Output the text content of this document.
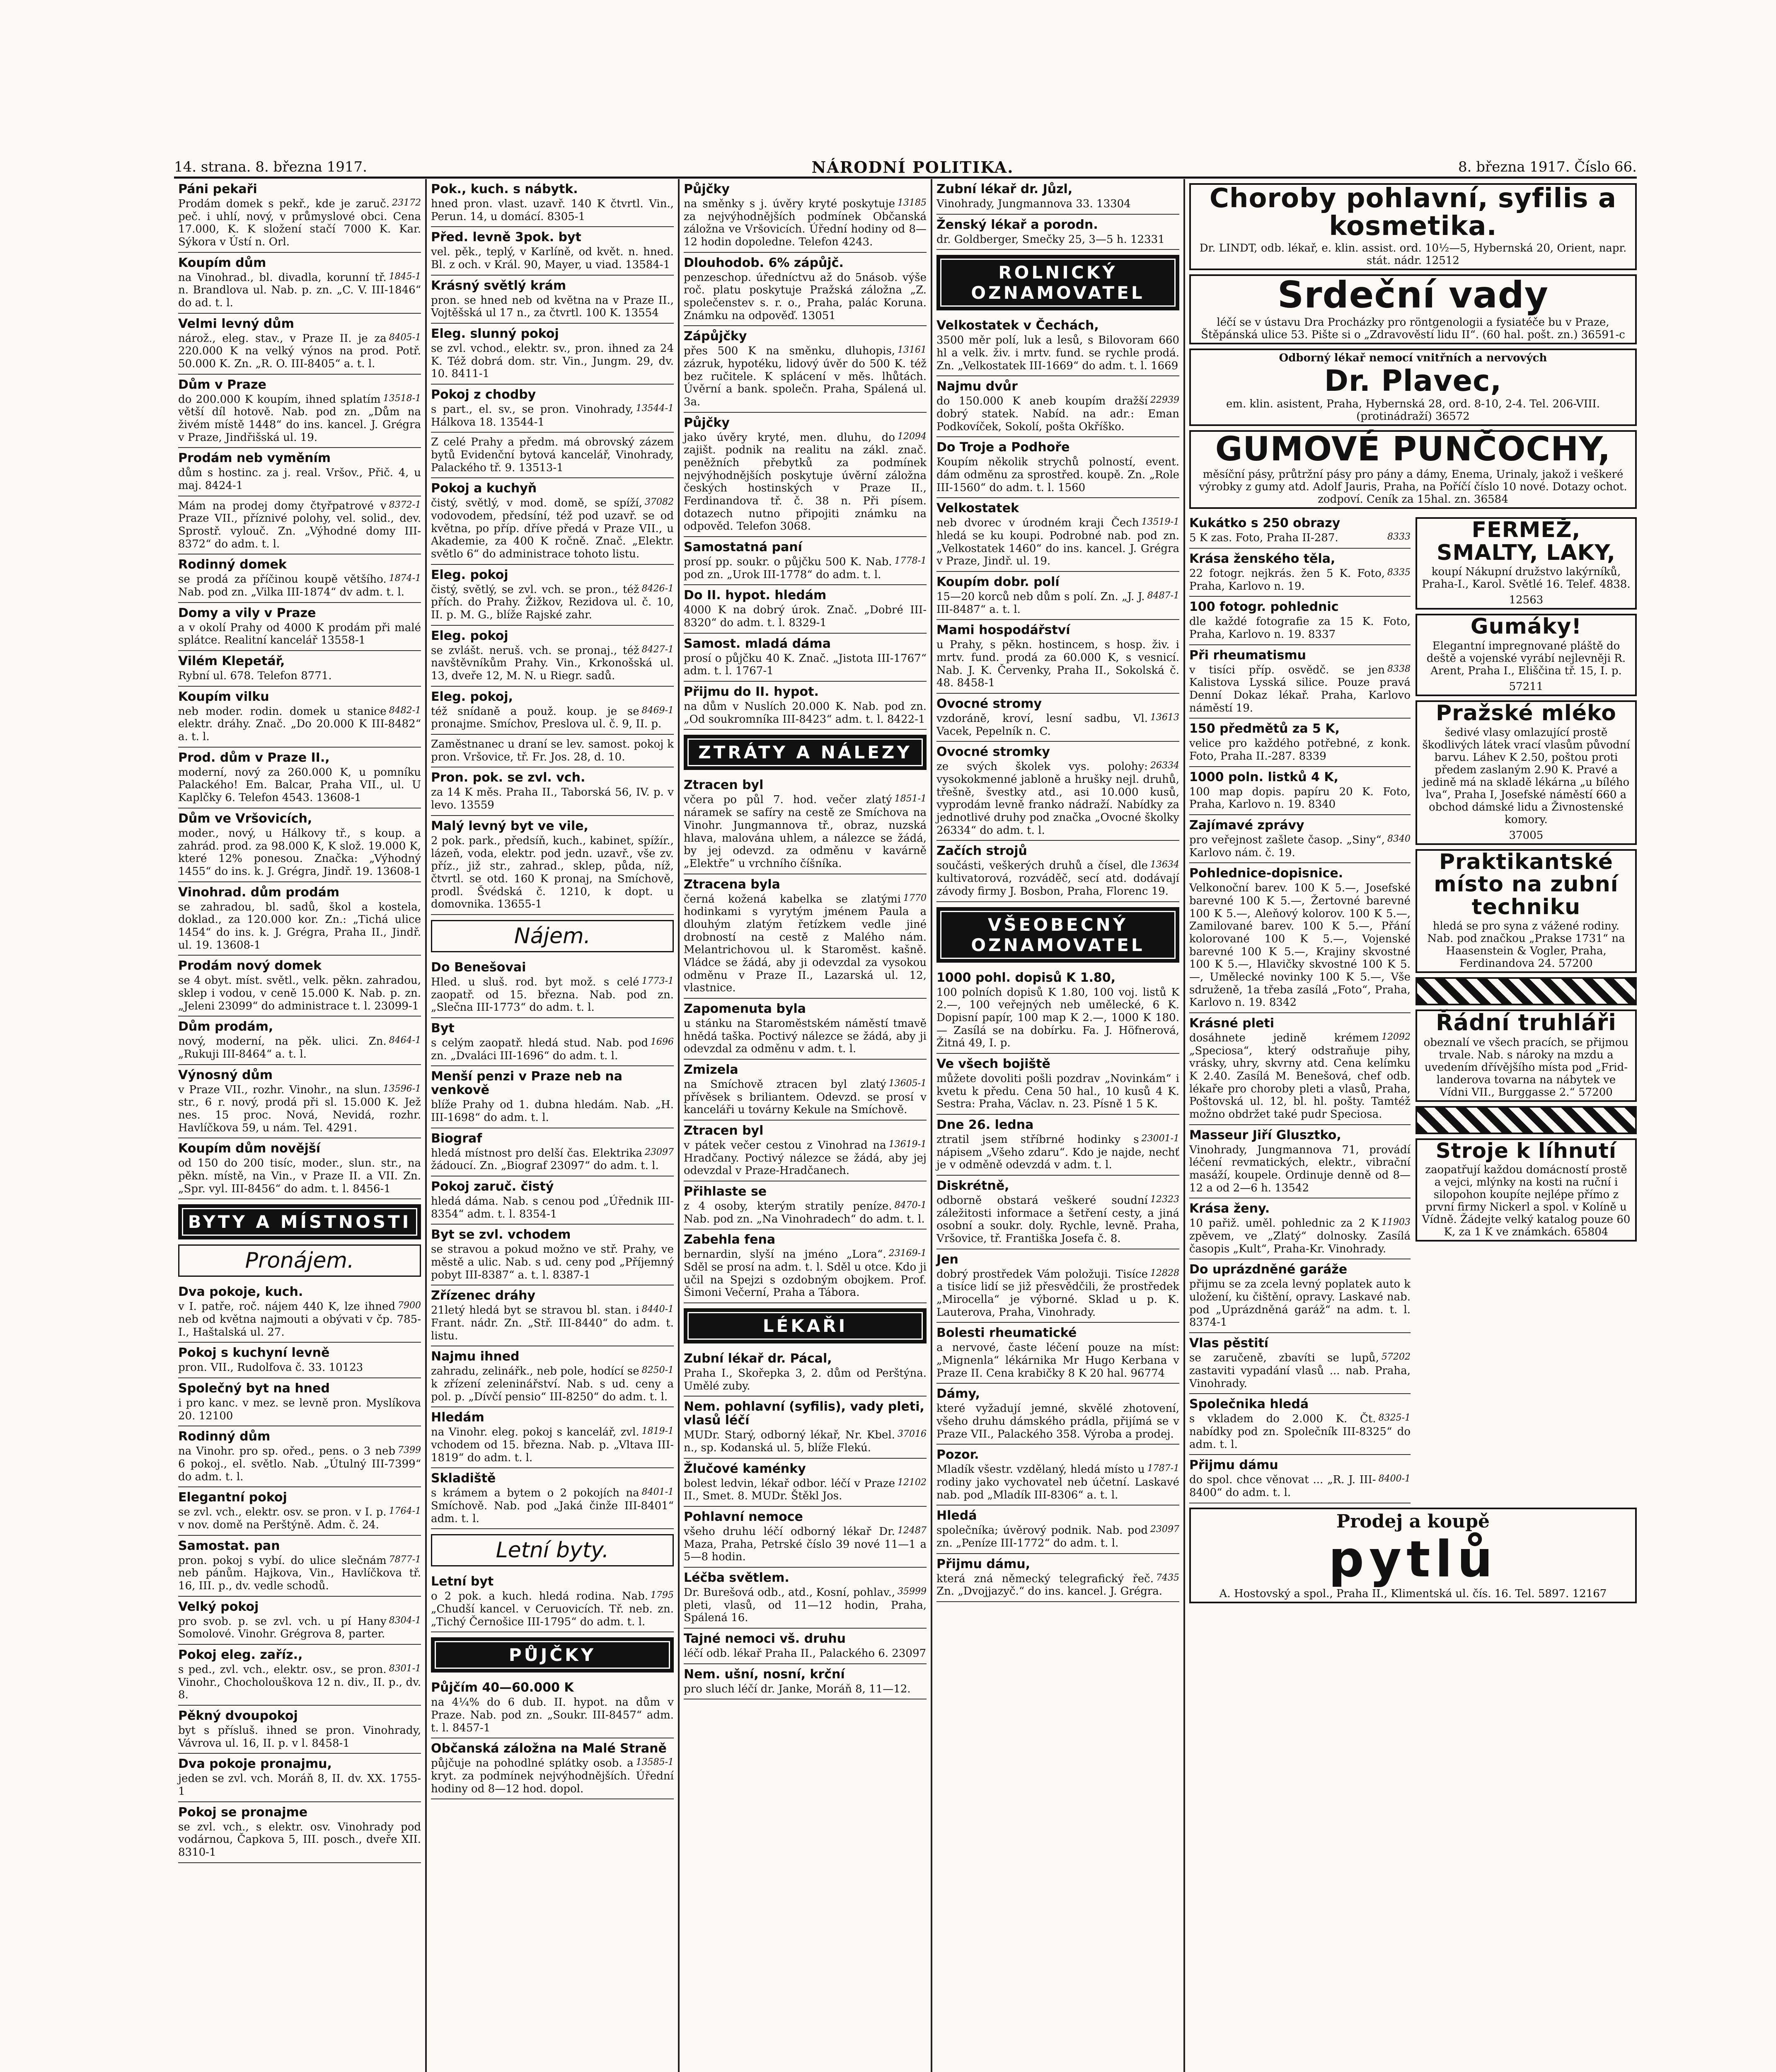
14. strana. 8. března 1917.	NÁRODNÍ POLITIKA.	8. března 1917. Číslo 66.
Páni pekaři

23172
Prodám domek s pekř., kde je zaruč. peč. i uhlí, nový, v průmyslové obci. Cena 17.000, K. K složení stačí 7000 K. Kar. Sýkora v Ústí n. Orl.

Koupím dům

1845-1
na Vinohrad., bl. divadla, korunní tř. n. Brandlova ul. Nab. p. zn. „C. V. III-1846“ do ad. t. l.

Velmi levný dům

8405-1
nárož., eleg. stav., v Praze II. je za 220.000 K na velký výnos na prod. Potř. 50.000 K. Zn. „R. O. III-8405“ a. t. l.

Dům v Praze

13518-1
do 200.000 K koupím, ihned splatím větší díl hotově. Nab. pod zn. „Dům na živém místě 1448“ do ins. kancel. J. Grégra v Praze, Jindřišská ul. 19.

Prodám neb vyměním

dům s hostinc. za j. real. Vršov., Přič. 4, u maj. 8424-1

8372-1
Mám na prodej domy čtyřpatrové v Praze VII., příznivé polohy, vel. solid., dev. Sprostř. vylouč. Zn. „Výhodné domy III-8372“ do adm. t. l.

Rodinný domek

1874-1
se prodá za příčinou koupě většího. Nab. pod zn. „Vilka III-1874“ dv adm. t. l.

Domy a vily v Praze

a v okolí Prahy od 4000 K prodám při malé splátce. Realitní kancelář 13558-1

Vilém Klepetář,

Rybní ul. 678. Telefon 8771.

Koupím vilku

8482-1
neb moder. rodin. domek u stanice elektr. dráhy. Znač. „Do 20.000 K III-8482“ a. t. l.

Prod. dům v Praze II.,

moderní, nový za 260.000 K, u pomníku Palackého! Em. Balcar, Praha VII., ul. U Kaplčky 6. Telefon 4543. 13608-1

Dům ve Vršovicích,

moder., nový, u Hálkovy tř., s koup. a zahrád. prod. za 98.000 K, K slož. 19.000 K, které 12% ponesou. Značka: „Výhodný 1455“ do ins. k. J. Grégra, Jindř. 19. 13608-1

Vinohrad. dům prodám

se zahradou, bl. sadů, škol a kostela, doklad., za 120.000 kor. Zn.: „Tichá ulice 1454“ do ins. k. J. Grégra, Praha II., Jindř. ul. 19. 13608-1

Prodám nový domek

se 4 obyt. míst. světl., velk. pěkn. zahradou, sklep i vodou, v ceně 15.000 K. Nab. p. zn. „Jeleni 23099“ do administrace t. l. 23099-1

Dům prodám,

8464-1
nový, moderní, na pěk. ulici. Zn. „Rukuji III-8464“ a. t. l.

Výnosný dům

13596-1
v Praze VII., rozhr. Vinohr., na slun. str., 6 r. nový, prodá při sl. 15.000 K. Jež nes. 15 proc. Nová, Nevidá, rozhr. Havlíčkova 59, u nám. Tel. 4291.

Koupím dům novější

od 150 do 200 tisíc, moder., slun. str., na pěkn. místě, na Vin., v Praze II. a VII. Zn. „Spr. vyl. III-8456“ do adm. t. l. 8456-1

BYTY A MÍSTNOSTI
Pronájem.
Dva pokoje, kuch.

7900
v I. patře, roč. nájem 440 K, lze ihned neb od května najmouti a obývati v čp. 785-I., Haštalská ul. 27.

Pokoj s kuchyní levně

pron. VII., Rudolfova č. 33. 10123

Společný byt na hned

i pro kanc. v mez. se levně pron. Myslíkova 20. 12100

Rodinný dům

7399
na Vinohr. pro sp. ořed., pens. o 3 neb 6 pokoj., el. světlo. Nab. „Útulný III-7399“ do adm. t. l.

Elegantní pokoj

1764-1
se zvl. vch., elektr. osv. se pron. v I. p. v nov. domě na Perštýně. Adm. č. 24.

Samostat. pan

7877-1
pron. pokoj s vybí. do ulice slečnám neb pánům. Hajkova, Vin., Havlíčkova tř. 16, III. p., dv. vedle schodů.

Velký pokoj

8304-1
pro svob. p. se zvl. vch. u pí Hany Somolové. Vinohr. Grégrova 8, parter.

Pokoj eleg. zaříz.,

8301-1
s ped., zvl. vch., elektr. osv., se pron. Vinohr., Chocholouškova 12 n. div., II. p., dv. 8.

Pěkný dvoupokoj

byt s přísluš. ihned se pron. Vinohrady, Vávrova ul. 16, II. p. v l. 8458-1

Dva pokoje pronajmu,

jeden se zvl. vch. Moráň 8, II. dv. XX. 1755-1

Pokoj se pronajme

se zvl. vch., s elektr. osv. Vinohrady pod vodárnou, Čapkova 5, III. posch., dveře XII. 8310-1

Pok., kuch. s nábytk.

hned pron. vlast. uzavř. 140 K čtvrtl. Vin., Perun. 14, u domácí. 8305-1

Před. levně 3pok. byt

vel. pěk., teplý, v Karlíně, od květ. n. hned. Bl. z och. v Král. 90, Mayer, u viad. 13584-1

Krásný světlý krám

pron. se hned neb od května na v Praze II., Vojtěšská ul 17 n., za čtvrtl. 100 K. 13554

Eleg. slunný pokoj

se zvl. vchod., elektr. sv., pron. ihned za 24 K. Též dobrá dom. str. Vin., Jungm. 29, dv. 10. 8411-1

Pokoj z chodby

13544-1
s part., el. sv., se pron. Vinohrady, Hálkova 18. 13544-1

Z celé Prahy a předm. má obrovský zázem bytů Evidenční bytová kancelář, Vinohrady, Palackého tř. 9. 13513-1

Pokoj a kuchyň

37082
čistý, světlý, v mod. domě, se spíží, vodovodem, předsíní, též pod uzavř. se od května, po příp. dříve předá v Praze VII., u Akademie, za 400 K ročně. Znač. „Elektr. světlo 6“ do administrace tohoto listu.

Eleg. pokoj

8426-1
čistý, světlý, se zvl. vch. se pron., též přích. do Prahy. Žižkov, Rezidova ul. č. 10, II. p. M. G., blíže Rajské zahr.

Eleg. pokoj

8427-1
se zvlášt. neruš. vch. se pronaj., též navštěvníkům Prahy. Vin., Krkonošská ul. 13, dveře 12, M. N. u Riegr. sadů.

Eleg. pokoj,

8469-1
též snídaně a použ. koup. je se pronajme. Smíchov, Preslova ul. č. 9, II. p.

Zaměstnanec u draní se lev. samost. pokoj k pron. Vršovice, tř. Fr. Jos. 28, d. 10.

Pron. pok. se zvl. vch.

za 14 K měs. Praha II., Taborská 56, IV. p. v levo. 13559

Malý levný byt ve vile,

2 pok. park., předsíň, kuch., kabinet, spížír., lázeň, voda, elektr. pod jedn. uzavř., vše zv. příz., již str., zahrad., sklep, půda, níž, čtvrtl. se otd. 160 K pronaj, na Smíchově, prodl. Švédská č. 1210, k dopt. u domovnika. 13655-1

Nájem.
Do Benešovai

1773-1
Hled. u sluš. rod. byt mož. s celé zaopatř. od 15. března. Nab. pod zn. „Slečna III-1773“ do adm. t. l.

Byt

1696
s celým zaopatř. hledá stud. Nab. pod zn. „Dvaláci III-1696“ do adm. t. l.

Menší penzi v Praze neb na venkově

blíže Prahy od 1. dubna hledám. Nab. „H. III-1698“ do adm. t. l.

Biograf

23097
hledá místnost pro delší čas. Elektrika žádoucí. Zn. „Biograf 23097“ do adm. t. l.

Pokoj zaruč. čistý

hledá dáma. Nab. s cenou pod „Úřednik III-8354“ adm. t. l. 8354-1

Byt se zvl. vchodem

se stravou a pokud možno ve stř. Prahy, ve městě a ulic. Nab. s ud. ceny pod „Příjemný pobyt III-8387“ a. t. l. 8387-1

Zřízenec dráhy

8440-1
21letý hledá byt se stravou bl. stan. i Frant. nádr. Zn. „Stř. III-8440“ do adm. t. listu.

Najmu ihned

8250-1
zahradu, zelinářk., neb pole, hodící se k zřízení zeleninářství. Nab. s ud. ceny a pol. p. „Dívčí pensio“ III-8250“ do adm. t. l.

Hledám

1819-1
na Vinohr. eleg. pokoj s kancelář, zvl. vchodem od 15. března. Nab. p. „Vltava III-1819“ do adm. t. l.

Skladiště

8401-1
s krámem a bytem o 2 pokojích na Smíchově. Nab. pod „Jaká činže III-8401“ adm. t. l.

Letní byty.
Letní byt

1795
o 2 pok. a kuch. hledá rodina. Nab. „Chudší kancel. v Ceruovicích. Tř. neb. zn. „Tichý Černošice III-1795“ do adm. t. l.

PŮJČKY
Půjčím 40—60.000 K

na 4¼% do 6 dub. II. hypot. na dům v Praze. Nab. pod zn. „Soukr. III-8457“ adm. t. l. 8457-1

Občanská záložna na Malé Straně

13585-1
půjčuje na pohodlné splátky osob. a kryt. za podmínek nejvýhodnějších. Úřední hodiny od 8—12 hod. dopol.

Půjčky

13185
na směnky s j. úvěry kryté poskytuje za nejvýhodnějších podmínek Občanská záložna ve Vršovicích. Úřední hodiny od 8—12 hodin dopoledne. Telefon 4243.

Dlouhodob. 6% zápůjč.

penzeschop. úředníctvu až do 5násob. výše roč. platu poskytuje Pražská záložna „Z. společenstev s. r. o., Praha, palác Koruna. Známku na odpověď. 13051

Zápůjčky

13161
přes 500 K na směnku, dluhopis, zázruk, hypotéku, lidový úvěr do 500 K. též bez ručitele. K splácení v měs. lhůtách. Úvěrní a bank. společn. Praha, Spálená ul. 3a.

Půjčky

12094
jako úvěry kryté, men. dluhu, do zajišt. podnik na realitu na zákl. znač. peněžních přebytků za podmínek nejvýhodnějších poskytuje úvěrní záložna českých hostinských v Praze II., Ferdinandova tř. č. 38 n. Při písem. dotazech nutno připojiti známku na odpověd. Telefon 3068.

Samostatná paní

1778-1
prosí pp. soukr. o půjčku 500 K. Nab. pod zn. „Urok III-1778“ do adm. t. l.

Do II. hypot. hledám

4000 K na dobrý úrok. Znač. „Dobré III-8320“ do adm. t. l. 8329-1

Samost. mladá dáma

prosí o půjčku 40 K. Znač. „Jistota III-1767“ adm. t. l. 1767-1

Přijmu do II. hypot.

na dům v Nuslích 20.000 K. Nab. pod zn. „Od soukromníka III-8423“ adm. t. l. 8422-1

ZTRÁTY A NÁLEZY
Ztracen byl

1851-1
včera po půl 7. hod. večer zlatý náramek se safíry na cestě ze Smíchova na Vinohr. Jungmannova tř., obraz, nuzská hlava, malována uhlem, a nálezce se žádá, by jej odevzd. za odměnu v kavárně „Elektře“ u vrchního číšníka.

Ztracena byla

1770
černá kožená kabelka se zlatými hodinkami s vyrytým jménem Paula a dlouhým zlatým řetízkem vedle jiné drobností na cestě z Malého nám. Melantrichovou ul. k Staroměst. kašně. Vládce se žádá, aby ji odevzdal za vysokou odměnu v Praze II., Lazarská ul. 12, vlastnice.

Zapomenuta byla

u stánku na Staroměstském náměstí tmavě hnědá taška. Poctivý nálezce se žádá, aby ji odevzdal za odměnu v adm. t. l.

Zmizela

13605-1
na Smíchově ztracen byl zlatý přívěsek s briliantem. Odevzd. se prosí v kanceláři u továrny Kekule na Smíchově.

Ztracen byl

13619-1
v pátek večer cestou z Vinohrad na Hradčany. Poctivý nálezce se žádá, aby jej odevzdal v Praze-Hradčanech.

Přihlaste se

8470-1
z 4 osoby, kterým stratily peníze. Nab. pod zn. „Na Vinohradech“ do adm. t. l.

Zabehla fena

23169-1
bernardin, slyší na jméno „Lora“. Sděl se prosí na adm. t. l. Sděl u otce. Kdo ji učil na Spejzi s ozdobným obojkem. Prof. Šimoni Večerní, Praha a Tábora.

LÉKAŘI
Zubní lékař dr. Pácal,

Praha I., Skořepka 3, 2. dům od Perštýna. Umělé zuby.

Nem. pohlavní (syfilis), vady pleti, vlasů léčí

37016
MUDr. Starý, odborný lékař, Nr. Kbel. n., sp. Kodanská ul. 5, blíže Flekú.

Žlučové kaménky

12102
bolest ledvin, lékař odbor. léčí v Praze II., Smet. 8. MUDr. Štěkl Jos.

Pohlavní nemoce

12487
všeho druhu léčí odborný lékař Dr. Maza, Praha, Petrské číslo 39 nové 11—1 a 5—8 hodin.

Léčba světlem.

35999
Dr. Burešová odb., atd., Kosní, pohlav., pleti, vlasů, od 11—12 hodin, Praha, Spálená 16.

Tajné nemoci vš. druhu

léčí odb. lékař Praha II., Palackého 6. 23097

Nem. ušní, nosní, krční

pro sluch léčí dr. Janke, Moráň 8, 11—12.

Zubní lékař dr. Jůzl,

Vinohrady, Jungmannova 33. 13304

Ženský lékař a porodn.

dr. Goldberger, Smečky 25, 3—5 h. 12331

ROLNICKÝ OZNAMOVATEL
Velkostatek v Čechách,

3500 měr polí, luk a lesů, s Bilovoram 660 hl a velk. živ. i mrtv. fund. se rychle prodá. Zn. „Velkostatek III-1669“ do adm. t. l. 1669

Najmu dvůr

22939
do 150.000 K aneb koupím dražší dobrý statek. Nabíd. na adr.: Eman Podkovíček, Sokolí, pošta Okříško.

Do Troje a Podhoře

Koupím několik strychů polností, event. dám odměnu za sprostřed. koupě. Zn. „Role III-1560“ do adm. t. l. 1560

Velkostatek

13519-1
neb dvorec v úrodném kraji Čech hledá se ku koupi. Podrobné nab. pod zn. „Velkostatek 1460“ do ins. kancel. J. Grégra v Praze, Jindř. ul. 19.

Koupím dobr. polí

8487-1
15—20 korců neb dům s polí. Zn. „J. J. III-8487“ a. t. l.

Mami hospodářství

u Prahy, s pěkn. hostincem, s hosp. živ. i mrtv. fund. prodá za 60.000 K, s vesnicí. Nab. J. K. Červenky, Praha II., Sokolská č. 48. 8458-1

Ovocné stromy

13613
vzdoráně, kroví, lesní sadbu, Vl. Vacek, Pepelník n. C.

Ovocné stromky

26334
ze svých školek vys. polohy: vysokokmenné jabloně a hrušky nejl. druhů, třešně, švestky atd., asi 10.000 kusů, vyprodám levně franko nádraží. Nabídky za jednotlivé druhy pod značka „Ovocné školky 26334“ do adm. t. l.

Začích strojů

13634
součásti, veškerých druhů a čísel, dle kultivatorová, rozváděč, secí atd. dodávají závody firmy J. Bosbon, Praha, Florenc 19.

VŠEOBECNÝ OZNAMOVATEL
1000 pohl. dopisů K 1.80,

100 polních dopisů K 1.80, 100 voj. listů K 2.—, 100 veřejných neb umělecké, 6 K. Dopisní papír, 100 map K 2.—, 1000 K 180.— Zasílá se na dobírku. Fa. J. Höfnerová, Žitná 49, I. p.

Ve všech bojiště

můžete dovoliti pošli pozdrav „Novinkám“ i kvetu k předu. Cena 50 hal., 10 kusů 4 K. Sestra: Praha, Václav. n. 23. Písně 1 5 K.

Dne 26. ledna

23001-1
ztratil jsem stříbrné hodinky s nápisem „Všeho zdaru“. Kdo je najde, nechť je v odměně odevzdá v adm. t. l.

Diskrétně,

12323
odborně obstará veškeré soudní záležitosti informace a šetření cesty, a jiná osobní a soukr. doly. Rychle, levně. Praha, Vršovice, tř. Františka Josefa č. 8.

Jen

12828
dobrý prostředek Vám položuji. Tisíce a tisíce lidí se již přesvědčili, že prostředek „Mirocella“ je výborné. Sklad u p. K. Lauterova, Praha, Vinohrady.

Bolesti rheumatické

a nervové, časte léčení pouze na míst: „Mignenla“ lékárnika Mr Hugo Kerbana v Praze II. Cena krabičky 8 K 20 hal. 96774

Dámy,

které vyžadují jemné, skvělé zhotovení, všeho druhu dámského prádla, přijímá se v Praze VII., Palackého 358. Výroba a prodej.

Pozor.

1787-1
Mladík všestr. vzdělaný, hledá místo u rodiny jako vychovatel neb účetní. Laskavé nab. pod „Mladík III-8306“ a. t. l.

Hledá

23097
společníka; úvěrový podnik. Nab. pod zn. „Peníze III-1772“ do adm. t. l.

Přijmu dámu,

7435
která zná německý telegrafický řeč. Zn. „Dvojjazyč.“ do ins. kancel. J. Grégra.

Choroby pohlavní, syfilis a kosmetika.
Dr. LINDT, odb. lékař, e. klin. assist. ord. 10½—5, Hybernská 20, Orient, napr. stát. nádr. 12512
Srdeční vady
léčí se v ústavu Dra Procházky pro röntgenologii a fysiatéče bu v Praze, Štěpánská ulice 53. Pište si o „Zdravověstí lidu II“. (60 hal. pošt. zn.) 36591-c
Odborný lékař nemocí vnitřních a nervových
Dr. Plavec,
em. klin. asistent, Praha, Hybernská 28, ord. 8-10, 2-4. Tel. 206-VIII. (protinádraží) 36572
GUMOVÉ PUNČOCHY,
měsíční pásy, průtržní pásy pro pány a dámy, Enema, Urinaly, jakož i veškeré výrobky z gumy atd. Adolf Jauris, Praha, na Poříčí číslo 10 nové. Dotazy ochot. zodpoví. Ceník za 15hal. zn. 36584
Kukátko s 250 obrazy

8333
5 K zas. Foto, Praha II-287.

Krása ženského těla,

8335
22 fotogr. nejkrás. žen 5 K. Foto, Praha, Karlovo n. 19.

100 fotogr. pohlednic

dle každé fotografie za 15 K. Foto, Praha, Karlovo n. 19. 8337

Při rheumatismu

8338
v tisíci příp. osvědč. se jen Kalistova Lysská silice. Pouze pravá Denní Dokaz lékař. Praha, Karlovo náměstí 19.

150 předmětů za 5 K,

velice pro každého potřebné, z konk. Foto, Praha II.-287. 8339

1000 poln. listků 4 K,

100 map dopis. papíru 20 K. Foto, Praha, Karlovo n. 19. 8340

Zajímavé zprávy

8340
pro veřejnost zašlete časop. „Siny“, Karlovo nám. č. 19.

Pohlednice-dopisnice.

Velkonoční barev. 100 K 5.—, Josefské barevné 100 K 5.—, Žertovné barevné 100 K 5.—, Aleňový kolorov. 100 K 5.—, Zamilované barev. 100 K 5.—, Přání kolorované 100 K 5.—, Vojenské barevné 100 K 5.—, Krajiny skvostné 100 K 5.—, Hlavičky skvostné 100 K 5.—, Umělecké novinky 100 K 5.—, Vše sdruženě, 1a třeba zasílá „Foto“, Praha, Karlovo n. 19. 8342

Krásné pleti

12092
dosáhnete jedině krémem „Speciosa“, který odstraňuje pihy, vrásky, uhry, skvrny atd. Cena kelímku K 2.40. Zasílá M. Benešová, chef odb. lékaře pro choroby pleti a vlasů, Praha, Poštovská ul. 12, bl. hl. pošty. Tamtéž možno obdržet také pudr Speciosa.

Masseur Jiří Glusztko,

Vinohrady, Jungmannova 71, provádí léčení revmatických, elektr., vibrační masáží, koupele. Ordinuje denně od 8—12 a od 2—6 h. 13542

Krása ženy.

11903
10 pařiž. uměl. pohlednic za 2 K zpěvem, ve „Zlatý“ dolnosky. Zasílá časopis „Kult“, Praha-Kr. Vinohrady.

Do uprázdněné garáže

přijmu se za zcela levný poplatek auto k uložení, ku čištění, opravy. Laskavé nab. pod „Uprázdněná garáž“ na adm. t. l. 8374-1

Vlas pěstití

57202
se zaručeně, zbavíti se lupů, zastaviti vypadání vlasů ... nab. Praha, Vinohrady.

Společnika hledá

8325-1
s vkladem do 2.000 K. Čt. nabídky pod zn. Společník III-8325“ do adm. t. l.

Přijmu dámu

8400-1
do spol. chce věnovat ... „R. J. III-8400“ do adm. t. l.

FERMEŽ, SMALTY, LAKY,
koupí Nákupní družstvo lakýrníků, Praha-I., Karol. Světlé 16. Telef. 4838.
12563
Gumáky!
Elegantní impregnované pláště do deště a vojenské vyrábí nejlevněji R. Arent, Praha I., Eliščina tř. 15, I. p.
57211
Pražské mléko
šedivé vlasy omlazující prostě škodlivých látek vrací vlasům původní barvu. Láhev K 2.50, poštou proti předem zaslaným 2.90 K. Pravé a jedině má na skladě lékárna „u bílého lva“, Praha I, Josefské náměstí 660 a obchod dámské lidu a Živnostenské komory.
37005
Praktikantské místo na zubní techniku
hledá se pro syna z vážené rodiny. Nab. pod značkou „Prakse 1731“ na Haasenstein & Vogler, Praha, Ferdinandova 24. 57200
Řádní truhláři
obeznalí ve všech pracích, se přijmou trvale. Nab. s nároky na mzdu a uvedením dřívějšího místa pod „Frid-landerova tovarna na nábytek ve Vídni VII., Burggasse 2.“ 57200
Stroje k líhnutí
zaopatřují každou domácností prostě a vejci, mlýnky na kosti na ruční i silopohon koupíte nejlépe přímo z první firmy Nickerl a spol. v Kolíně u Vídně. Žádejte velký katalog pouze 60 K, za 1 K ve známkách. 65804
Prodej a koupě
pytlů
A. Hostovský a spol., Praha II., Klimentská ul. čís. 16. Tel. 5897. 12167
